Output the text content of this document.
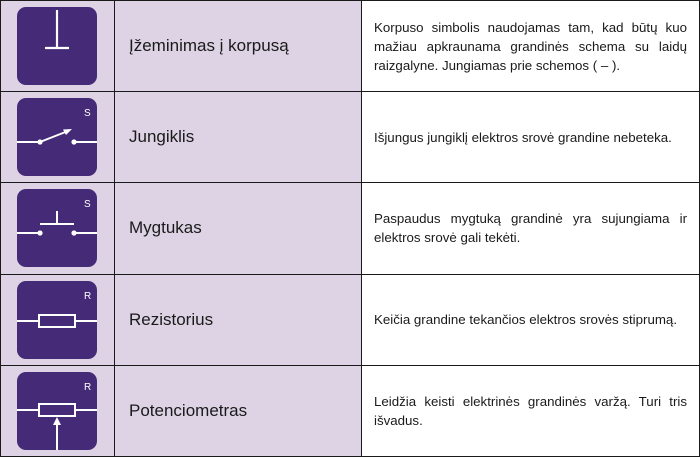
Įžeminimas į korpusą	Korpuso simbolis naudojamas tam, kad būtų kuo mažiau apkraunama grandinės schema su laidų raizgalyne. Jungiamas prie schemos ( – ).

S	Jungiklis	Išjungus jungiklį elektros srovė grandine nebeteka.

S	Mygtukas	Paspaudus mygtuką grandinė yra sujungiama ir elektros srovė gali tekėti.

R	Rezistorius	Keičia grandine tekančios elektros srovės stiprumą.

R	Potenciometras	Leidžia keisti elektrinės grandinės varžą. Turi tris išvadus.
